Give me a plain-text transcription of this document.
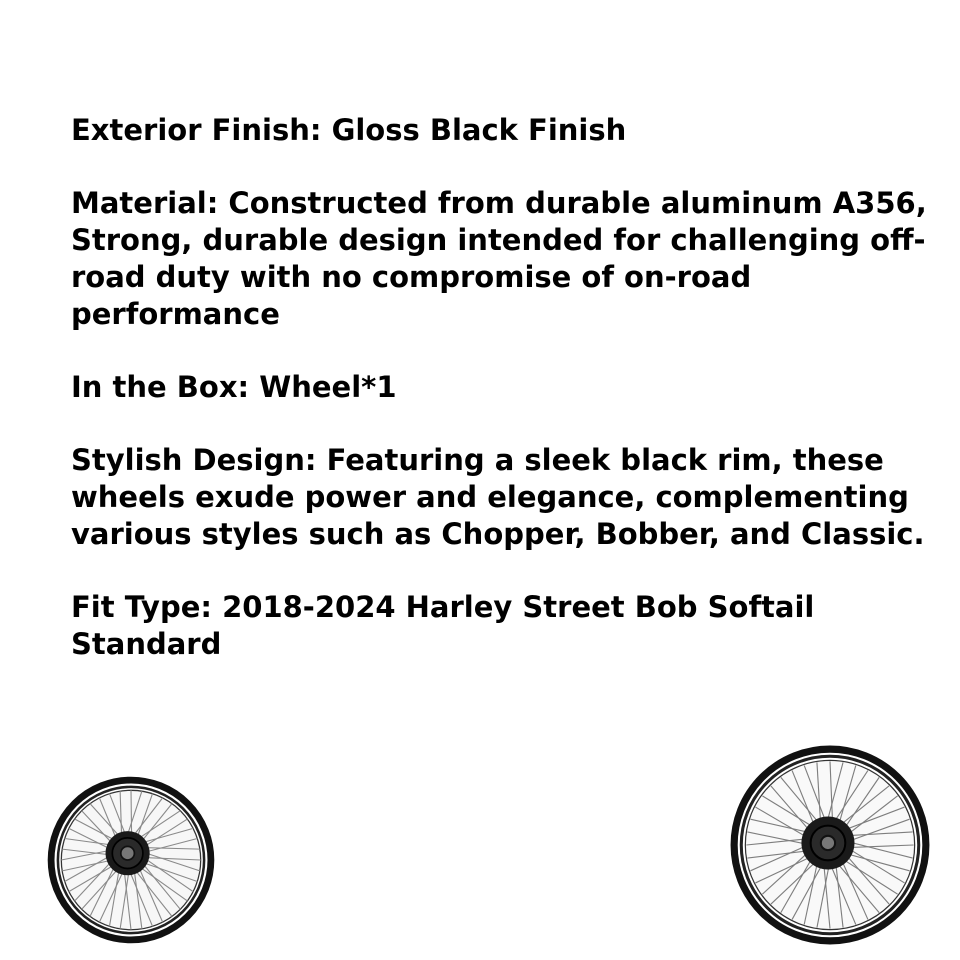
Exterior Finish: Gloss Black Finish

Material: Constructed from durable aluminum A356, Strong, durable design intended for challenging off-road duty with no compromise of on-road performance

In the Box: Wheel*1

Stylish Design: Featuring a sleek black rim, these wheels exude power and elegance, complementing various styles such as Chopper, Bobber, and Classic.

Fit Type: 2018-2024 Harley Street Bob Softail Standard
